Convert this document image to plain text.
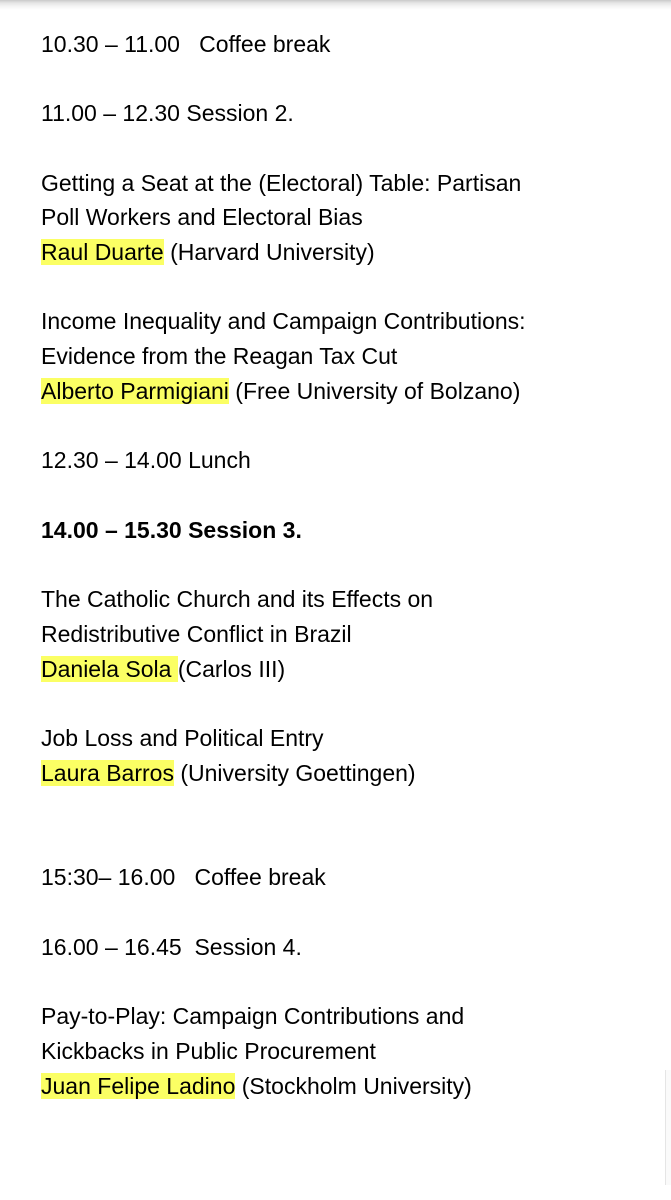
10.30 – 11.00 Coffee break
11.00 – 12.30 Session 2.
Getting a Seat at the (Electoral) Table: Partisan
Poll Workers and Electoral Bias
Raul Duarte (Harvard University)
Income Inequality and Campaign Contributions:
Evidence from the Reagan Tax Cut
Alberto Parmigiani (Free University of Bolzano)
12.30 – 14.00 Lunch
14.00 – 15.30 Session 3.
The Catholic Church and its Effects on
Redistributive Conflict in Brazil
Daniela Sola (Carlos III)
Job Loss and Political Entry
Laura Barros (University Goettingen)
15:30– 16.00 Coffee break
16.00 – 16.45  Session 4.
Pay-to-Play: Campaign Contributions and
Kickbacks in Public Procurement
Juan Felipe Ladino (Stockholm University)
